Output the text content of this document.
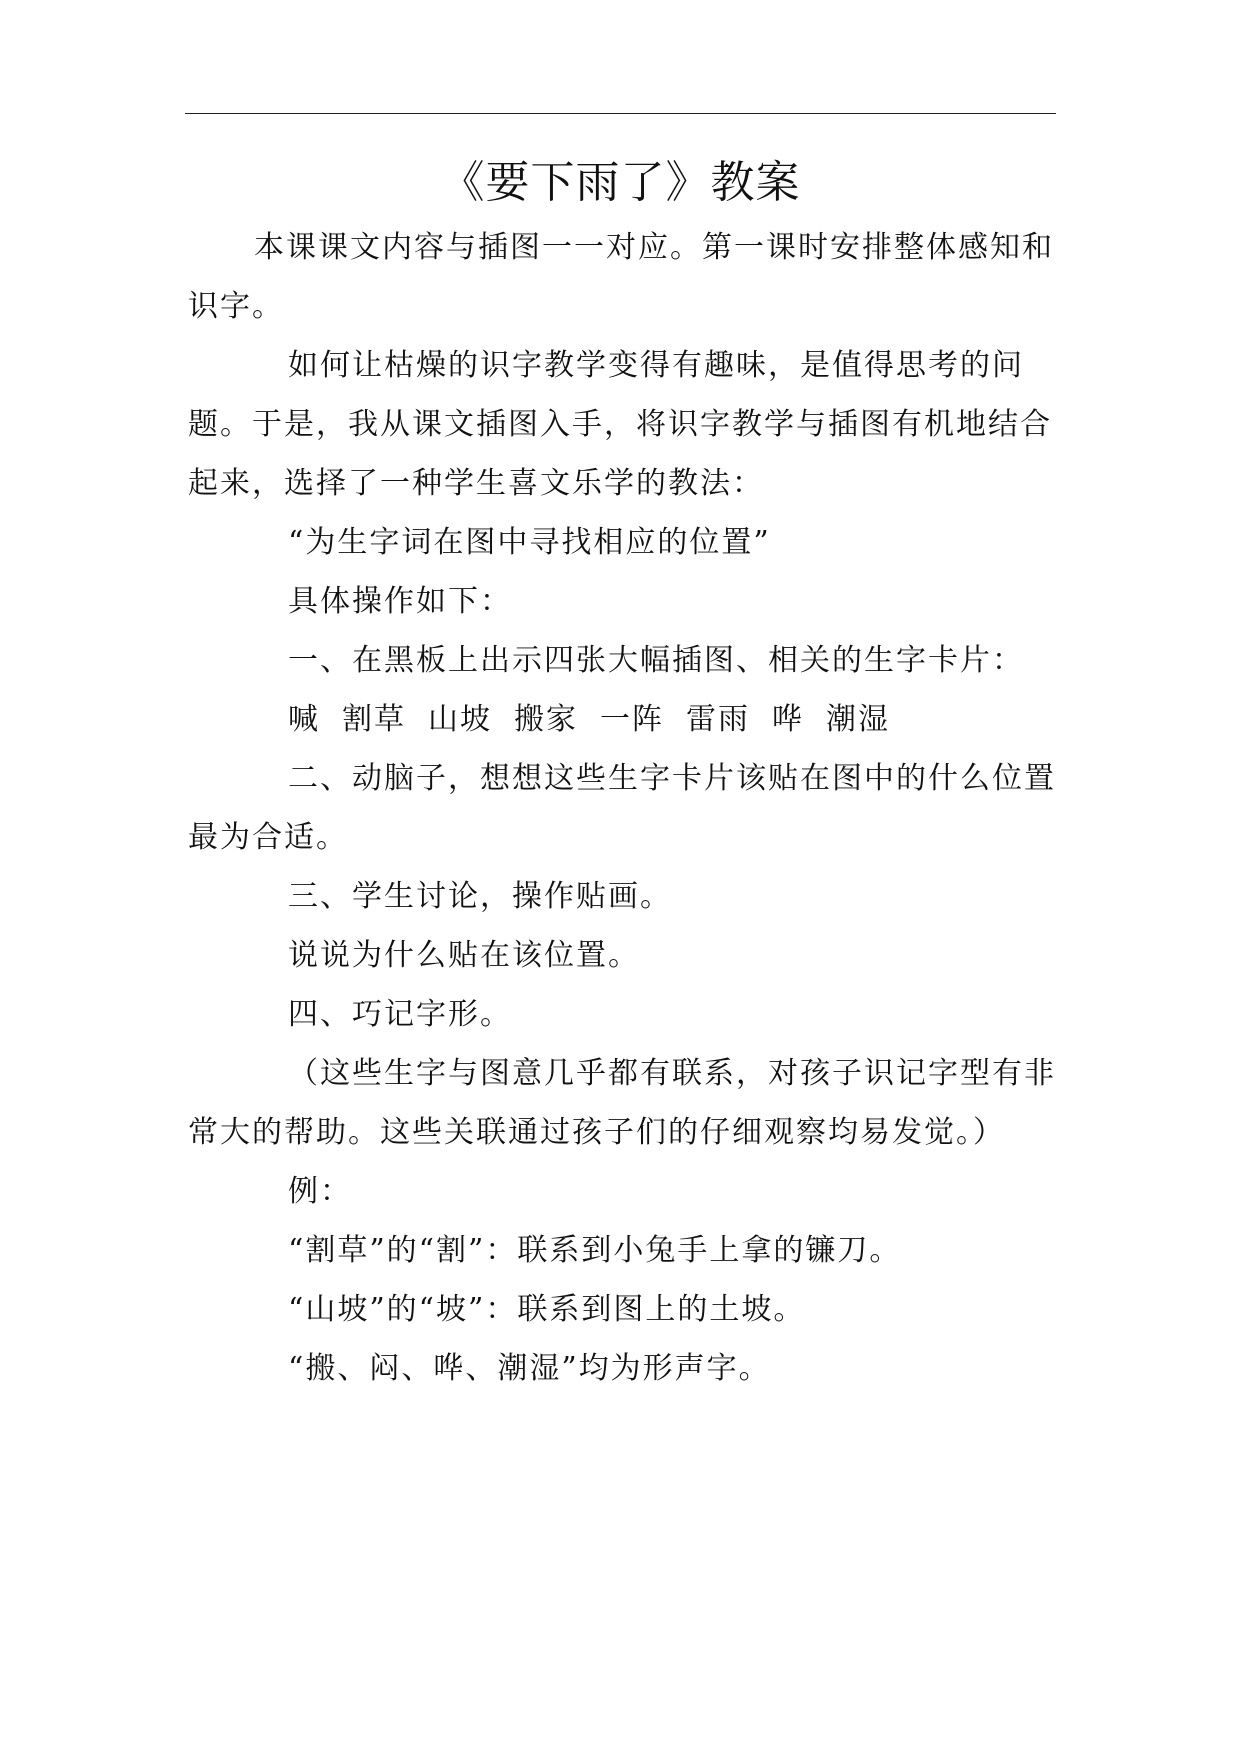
《要下雨了》教案

本课课文内容与插图一一对应。第一课时安排整体感知和识字。

如何让枯燥的识字教学变得有趣味，是值得思考的问题。于是，我从课文插图入手，将识字教学与插图有机地结合起来，选择了一种学生喜文乐学的教法：

“为生字词在图中寻找相应的位置”

具体操作如下：

一、在黑板上出示四张大幅插图、相关的生字卡片：

喊 割草 山坡 搬家 一阵 雷雨 哗 潮湿

二、动脑子，想想这些生字卡片该贴在图中的什么位置最为合适。

三、学生讨论，操作贴画。

说说为什么贴在该位置。

四、巧记字形。

（这些生字与图意几乎都有联系，对孩子识记字型有非常大的帮助。这些关联通过孩子们的仔细观察均易发觉。）

例：

“割草”的“割”：联系到小兔手上拿的镰刀。

“山坡”的“坡”：联系到图上的土坡。

“搬、闷、哗、潮湿”均为形声字。
